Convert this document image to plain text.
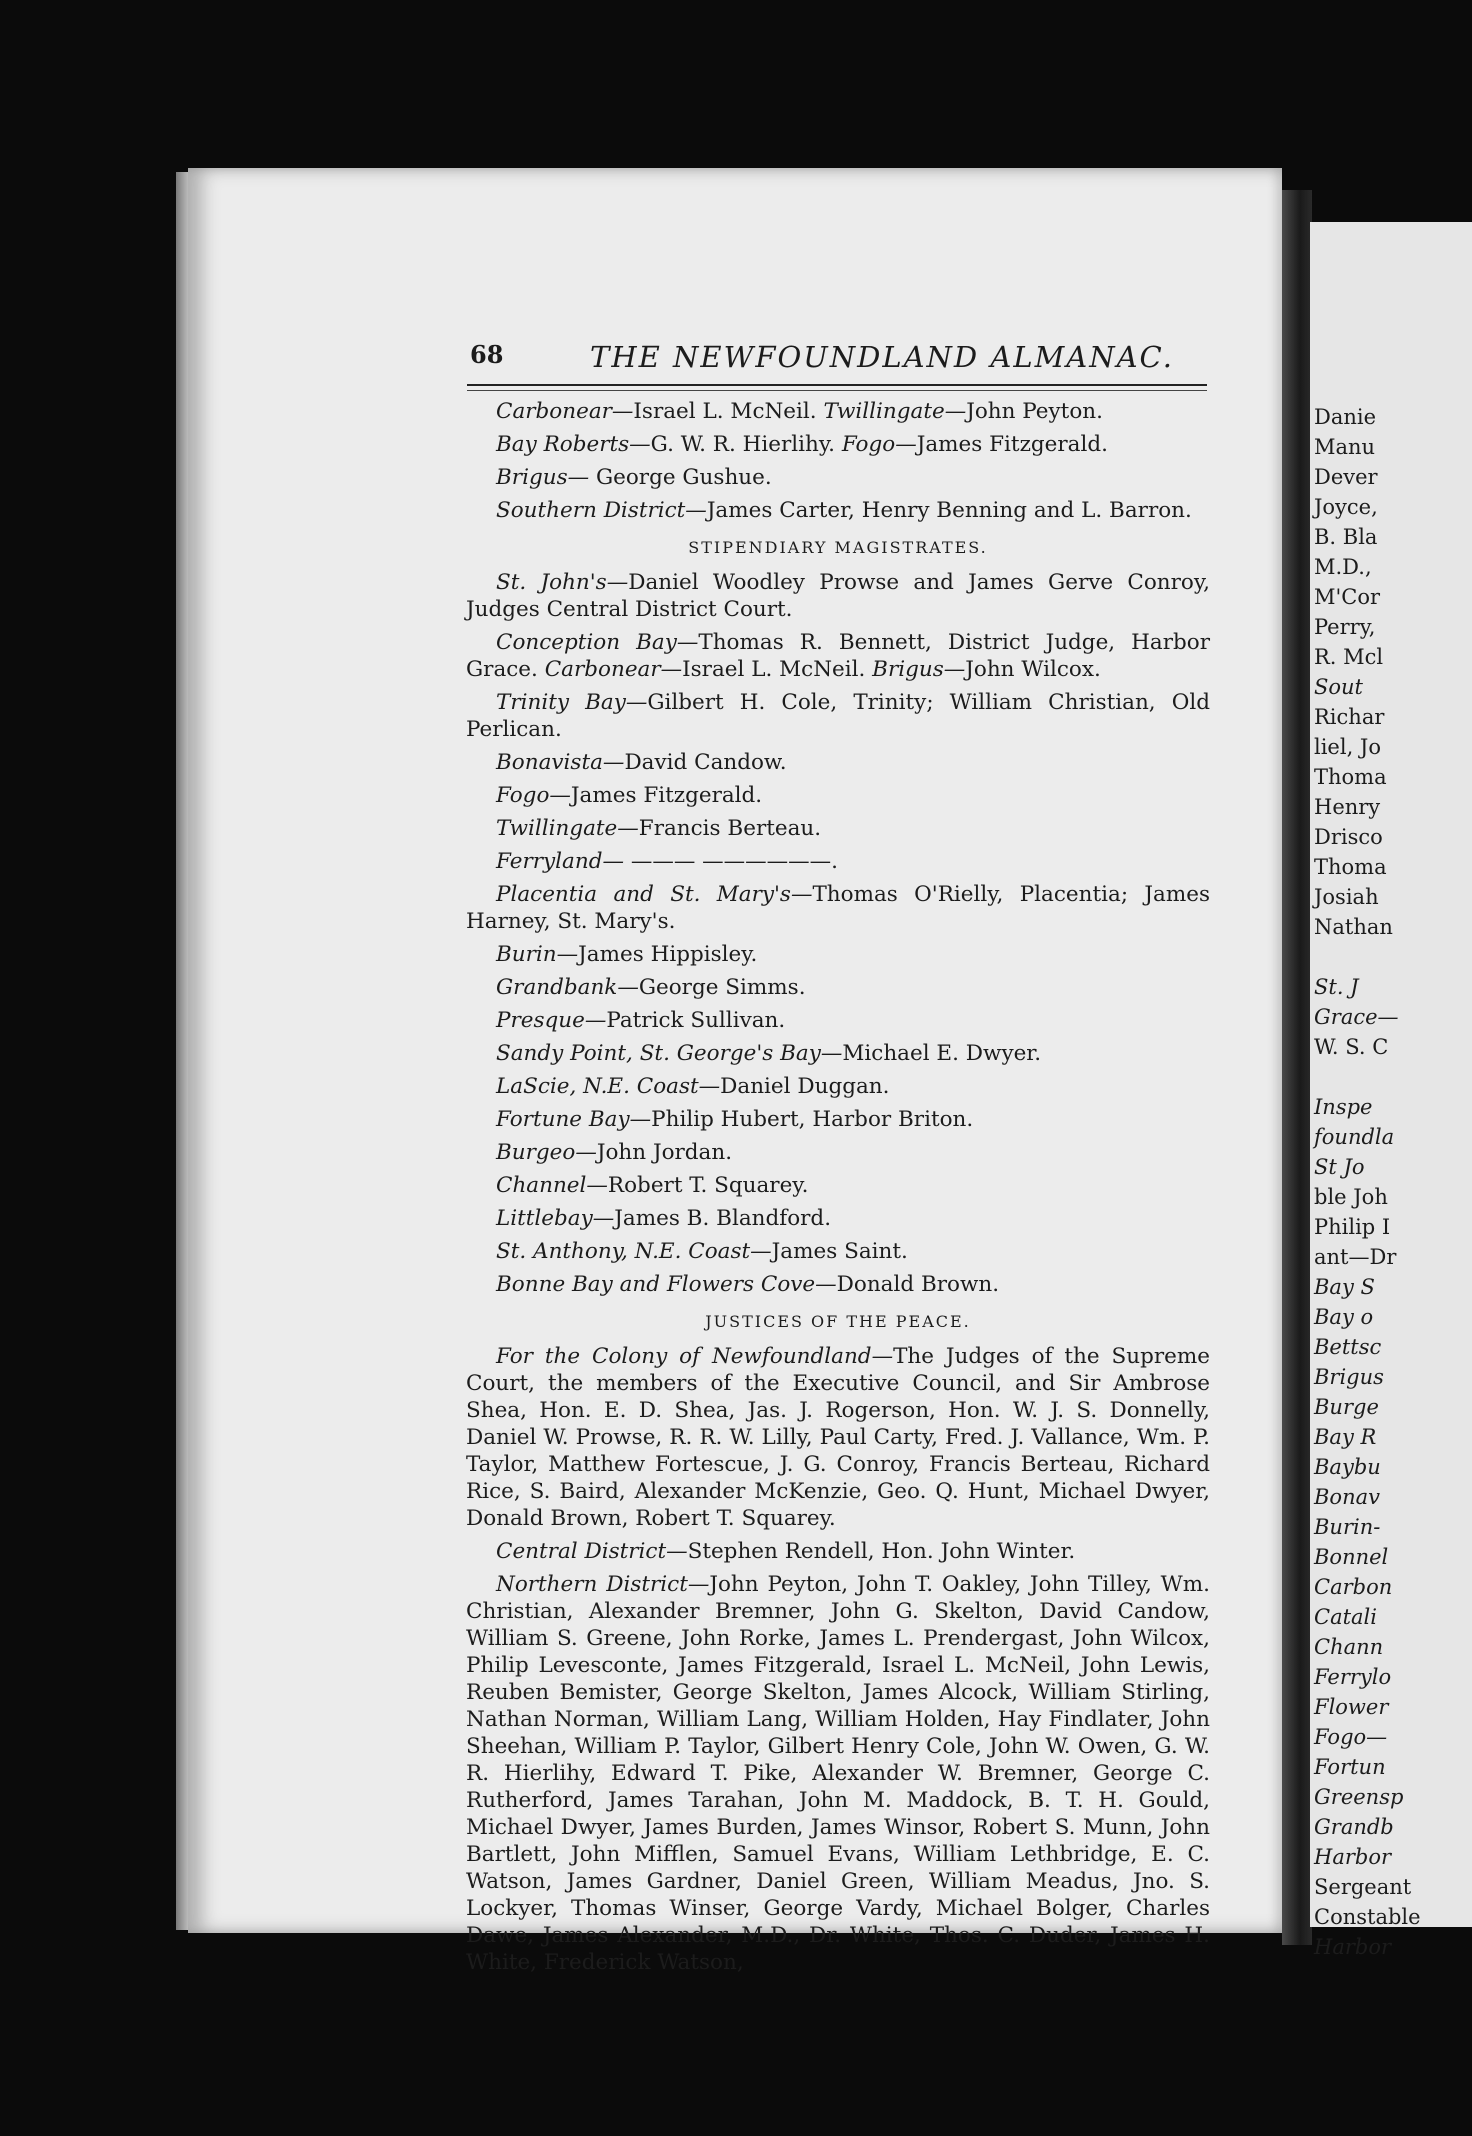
Danie
Manu
Dever
Joyce,
B. Bla
M.D.,
M'Cor
Perry,
R. Mcl
Sout
Richar
liel, Jo
Thoma
Henry
Drisco
Thoma
Josiah
Nathan
St. J
Grace—
W. S. C
Inspe
foundla
St Jo
ble Joh
Philip I
ant—Dr
Bay S
Bay o
Bettsc
Brigus
Burge
Bay R
Baybu
Bonav
Burin-
Bonnel
Carbon
Catali
Chann
Ferrylo
Flower
Fogo—
Fortun
Greensp
Grandb
Harbor
Sergeant
Constable
Harbor
68	THE NEWFOUNDLAND ALMANAC.

Carbonear—Israel L. McNeil. Twillingate—John Peyton.

Bay Roberts—G. W. R. Hierlihy. Fogo—James Fitzgerald.

Brigus— George Gushue.

Southern District—James Carter, Henry Benning and L. Barron.

STIPENDIARY MAGISTRATES.

St. John's—Daniel Woodley Prowse and James Gerve Conroy, Judges Central District Court.

Conception Bay—Thomas R. Bennett, District Judge, Harbor Grace. Carbonear—Israel L. McNeil. Brigus—John Wilcox.

Trinity Bay—Gilbert H. Cole, Trinity; William Christian, Old Perlican.

Bonavista—David Candow.

Fogo—James Fitzgerald.

Twillingate—Francis Berteau.

Ferryland— ——— ——————.

Placentia and St. Mary's—Thomas O'Rielly, Placentia; James Harney, St. Mary's.

Burin—James Hippisley.

Grandbank—George Simms.

Presque—Patrick Sullivan.

Sandy Point, St. George's Bay—Michael E. Dwyer.

LaScie, N.E. Coast—Daniel Duggan.

Fortune Bay—Philip Hubert, Harbor Briton.

Burgeo—John Jordan.

Channel—Robert T. Squarey.

Littlebay—James B. Blandford.

St. Anthony, N.E. Coast—James Saint.

Bonne Bay and Flowers Cove—Donald Brown.

JUSTICES OF THE PEACE.

For the Colony of Newfoundland—The Judges of the Supreme Court, the members of the Executive Council, and Sir Ambrose Shea, Hon. E. D. Shea, Jas. J. Rogerson, Hon. W. J. S. Donnelly, Daniel W. Prowse, R. R. W. Lilly, Paul Carty, Fred. J. Vallance, Wm. P. Taylor, Matthew Fortescue, J. G. Conroy, Francis Berteau, Richard Rice, S. Baird, Alexander McKenzie, Geo. Q. Hunt, Michael Dwyer, Donald Brown, Robert T. Squarey.

Central District—Stephen Rendell, Hon. John Winter.

Northern District—John Peyton, John T. Oakley, John Tilley, Wm. Christian, Alexander Bremner, John G. Skelton, David Candow, William S. Greene, John Rorke, James L. Prendergast, John Wilcox, Philip Levesconte, James Fitzgerald, Israel L. McNeil, John Lewis, Reuben Bemister, George Skelton, James Alcock, William Stirling, Nathan Norman, William Lang, William Holden, Hay Findlater, John Sheehan, William P. Taylor, Gilbert Henry Cole, John W. Owen, G. W. R. Hierlihy, Edward T. Pike, Alexander W. Bremner, George C. Rutherford, James Tarahan, John M. Maddock, B. T. H. Gould, Michael Dwyer, James Burden, James Winsor, Robert S. Munn, John Bartlett, John Mifflen, Samuel Evans, William Lethbridge, E. C. Watson, James Gardner, Daniel Green, William Meadus, Jno. S. Lockyer, Thomas Winser, George Vardy, Michael Bolger, Charles Dawe, James Alexander, M.D., Dr. White, Thos. C. Duder, James H. White, Frederick Watson,
